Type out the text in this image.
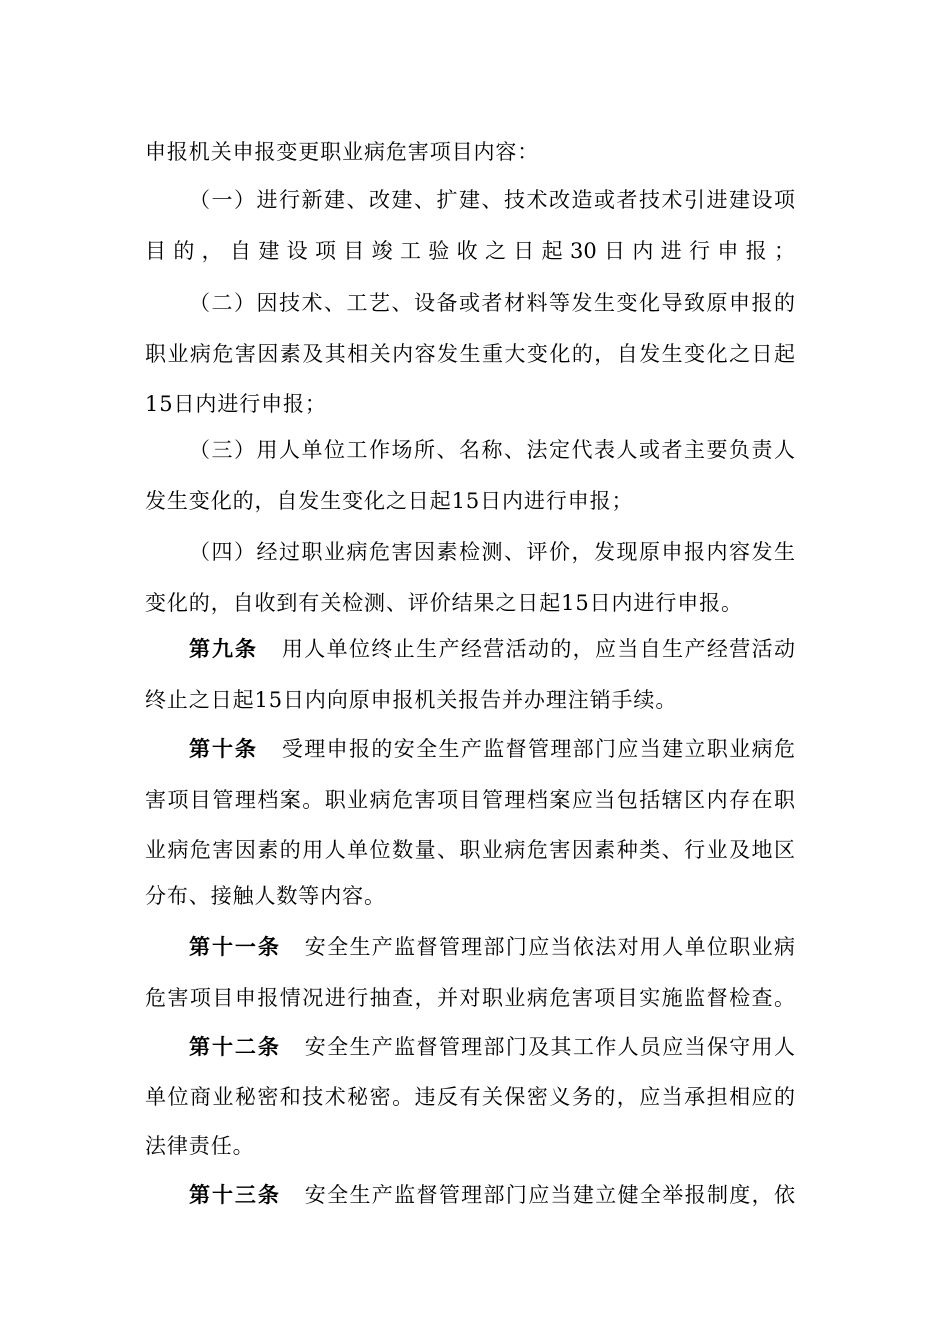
申报机关申报变更职业病危害项目内容：
（一）进行新建、改建、扩建、技术改造或者技术引进建设项
目的，自建设项目竣工验收之日起30日内进行申报；
（二）因技术、工艺、设备或者材料等发生变化导致原申报的
职业病危害因素及其相关内容发生重大变化的，自发生变化之日起
15日内进行申报；
（三）用人单位工作场所、名称、法定代表人或者主要负责人
发生变化的，自发生变化之日起15日内进行申报；
（四）经过职业病危害因素检测、评价，发现原申报内容发生
变化的，自收到有关检测、评价结果之日起15日内进行申报。
第九条 用人单位终止生产经营活动的，应当自生产经营活动
终止之日起15日内向原申报机关报告并办理注销手续。
第十条 受理申报的安全生产监督管理部门应当建立职业病危
害项目管理档案。职业病危害项目管理档案应当包括辖区内存在职
业病危害因素的用人单位数量、职业病危害因素种类、行业及地区
分布、接触人数等内容。
第十一条 安全生产监督管理部门应当依法对用人单位职业病
危害项目申报情况进行抽查，并对职业病危害项目实施监督检查。
第十二条 安全生产监督管理部门及其工作人员应当保守用人
单位商业秘密和技术秘密。违反有关保密义务的，应当承担相应的
法律责任。
第十三条 安全生产监督管理部门应当建立健全举报制度，依
